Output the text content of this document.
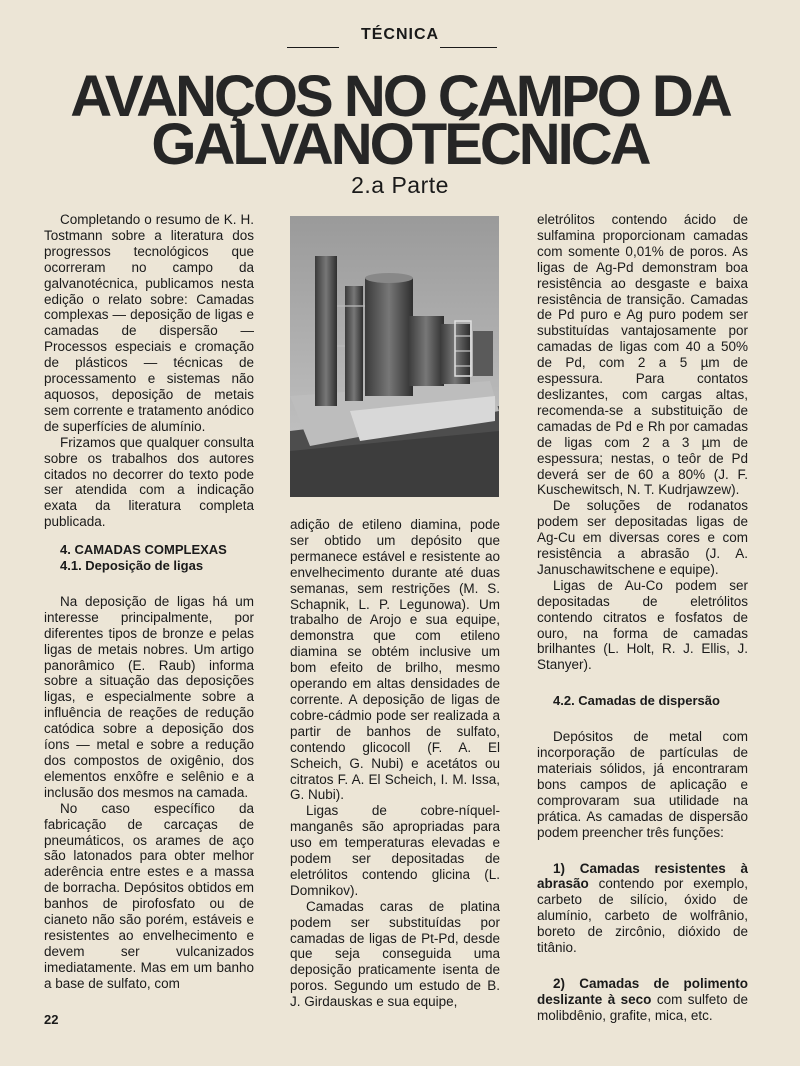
TÉCNICA
AVANÇOS NO CAMPO DA
GALVANOTÉCNICA
2.a Parte

Completando o resumo de K. H. Tostmann sobre a literatura dos progressos tecnológicos que ocorreram no campo da galvanotécnica, publicamos nesta edição o relato sobre: Camadas complexas — deposição de ligas e camadas de dispersão — Processos especiais e cromação de plásticos — técnicas de processamento e sistemas não aquosos, deposição de metais sem corrente e tratamento anódico de superfícies de alumínio.

Frizamos que qualquer consulta sobre os trabalhos dos autores citados no decorrer do texto pode ser atendida com a indicação exata da literatura completa publicada.

4. CAMADAS COMPLEXAS

4.1. Deposição de ligas

Na deposição de ligas há um interesse principalmente, por diferentes tipos de bronze e pelas ligas de metais nobres. Um artigo panorâmico (E. Raub) informa sobre a situação das deposições ligas, e especialmente sobre a influência de reações de redução catódica sobre a deposição dos íons — metal e sobre a redução dos compostos de oxigênio, dos elementos enxôfre e selênio e a inclusão dos mesmos na camada.

No caso específico da fabricação de carcaças de pneumáticos, os arames de aço são latonados para obter melhor aderência entre estes e a massa de borracha. Depósitos obtidos em banhos de pirofosfato ou de cianeto não são porém, estáveis e resistentes ao envelhecimento e devem ser vulcanizados imediatamente. Mas em um banho a base de sulfato, com

adição de etileno diamina, pode ser obtido um depósito que permanece estável e resistente ao envelhecimento durante até duas semanas, sem restrições (M. S. Schapnik, L. P. Legunowa). Um trabalho de Arojo e sua equipe, demonstra que com etileno diamina se obtém inclusive um bom efeito de brilho, mesmo operando em altas densidades de corrente. A deposição de ligas de cobre-cádmio pode ser realizada a partir de banhos de sulfato, contendo glicocoll (F. A. El Scheich, G. Nubi) e acetátos ou citratos F. A. El Scheich, I. M. Issa, G. Nubi).

Ligas de cobre-níquel-manganês são apropriadas para uso em temperaturas elevadas e podem ser depositadas de eletrólitos contendo glicina (L. Domnikov).

Camadas caras de platina podem ser substituídas por camadas de ligas de Pt-Pd, desde que seja conseguida uma deposição praticamente isenta de poros. Segundo um estudo de B. J. Girdauskas e sua equipe,

eletrólitos contendo ácido de sulfamina proporcionam camadas com somente 0,01% de poros. As ligas de Ag-Pd demonstram boa resistência ao desgaste e baixa resistência de transição. Camadas de Pd puro e Ag puro podem ser substituídas vantajosamente por camadas de ligas com 40 a 50% de Pd, com 2 a 5 µm de espessura. Para contatos deslizantes, com cargas altas, recomenda-se a substituição de camadas de Pd e Rh por camadas de ligas com 2 a 3 µm de espessura; nestas, o teôr de Pd deverá ser de 60 a 80% (J. F. Kuschewitsch, N. T. Kudrjawzew).

De soluções de rodanatos podem ser depositadas ligas de Ag-Cu em diversas cores e com resistência a abrasão (J. A. Januschawitschene e equipe).

Ligas de Au-Co podem ser depositadas de eletrólitos contendo citratos e fosfatos de ouro, na forma de camadas brilhantes (L. Holt, R. J. Ellis, J. Stanyer).

4.2. Camadas de dispersão

Depósitos de metal com incorporação de partículas de materiais sólidos, já encontraram bons campos de aplicação e comprovaram sua utilidade na prática. As camadas de dispersão podem preencher três funções:

1) Camadas resistentes à abrasão contendo por exemplo, carbeto de silício, óxido de alumínio, carbeto de wolfrânio, boreto de zircônio, dióxido de titânio.

2) Camadas de polimento deslizante à seco com sulfeto de molibdênio, grafite, mica, etc.

22
